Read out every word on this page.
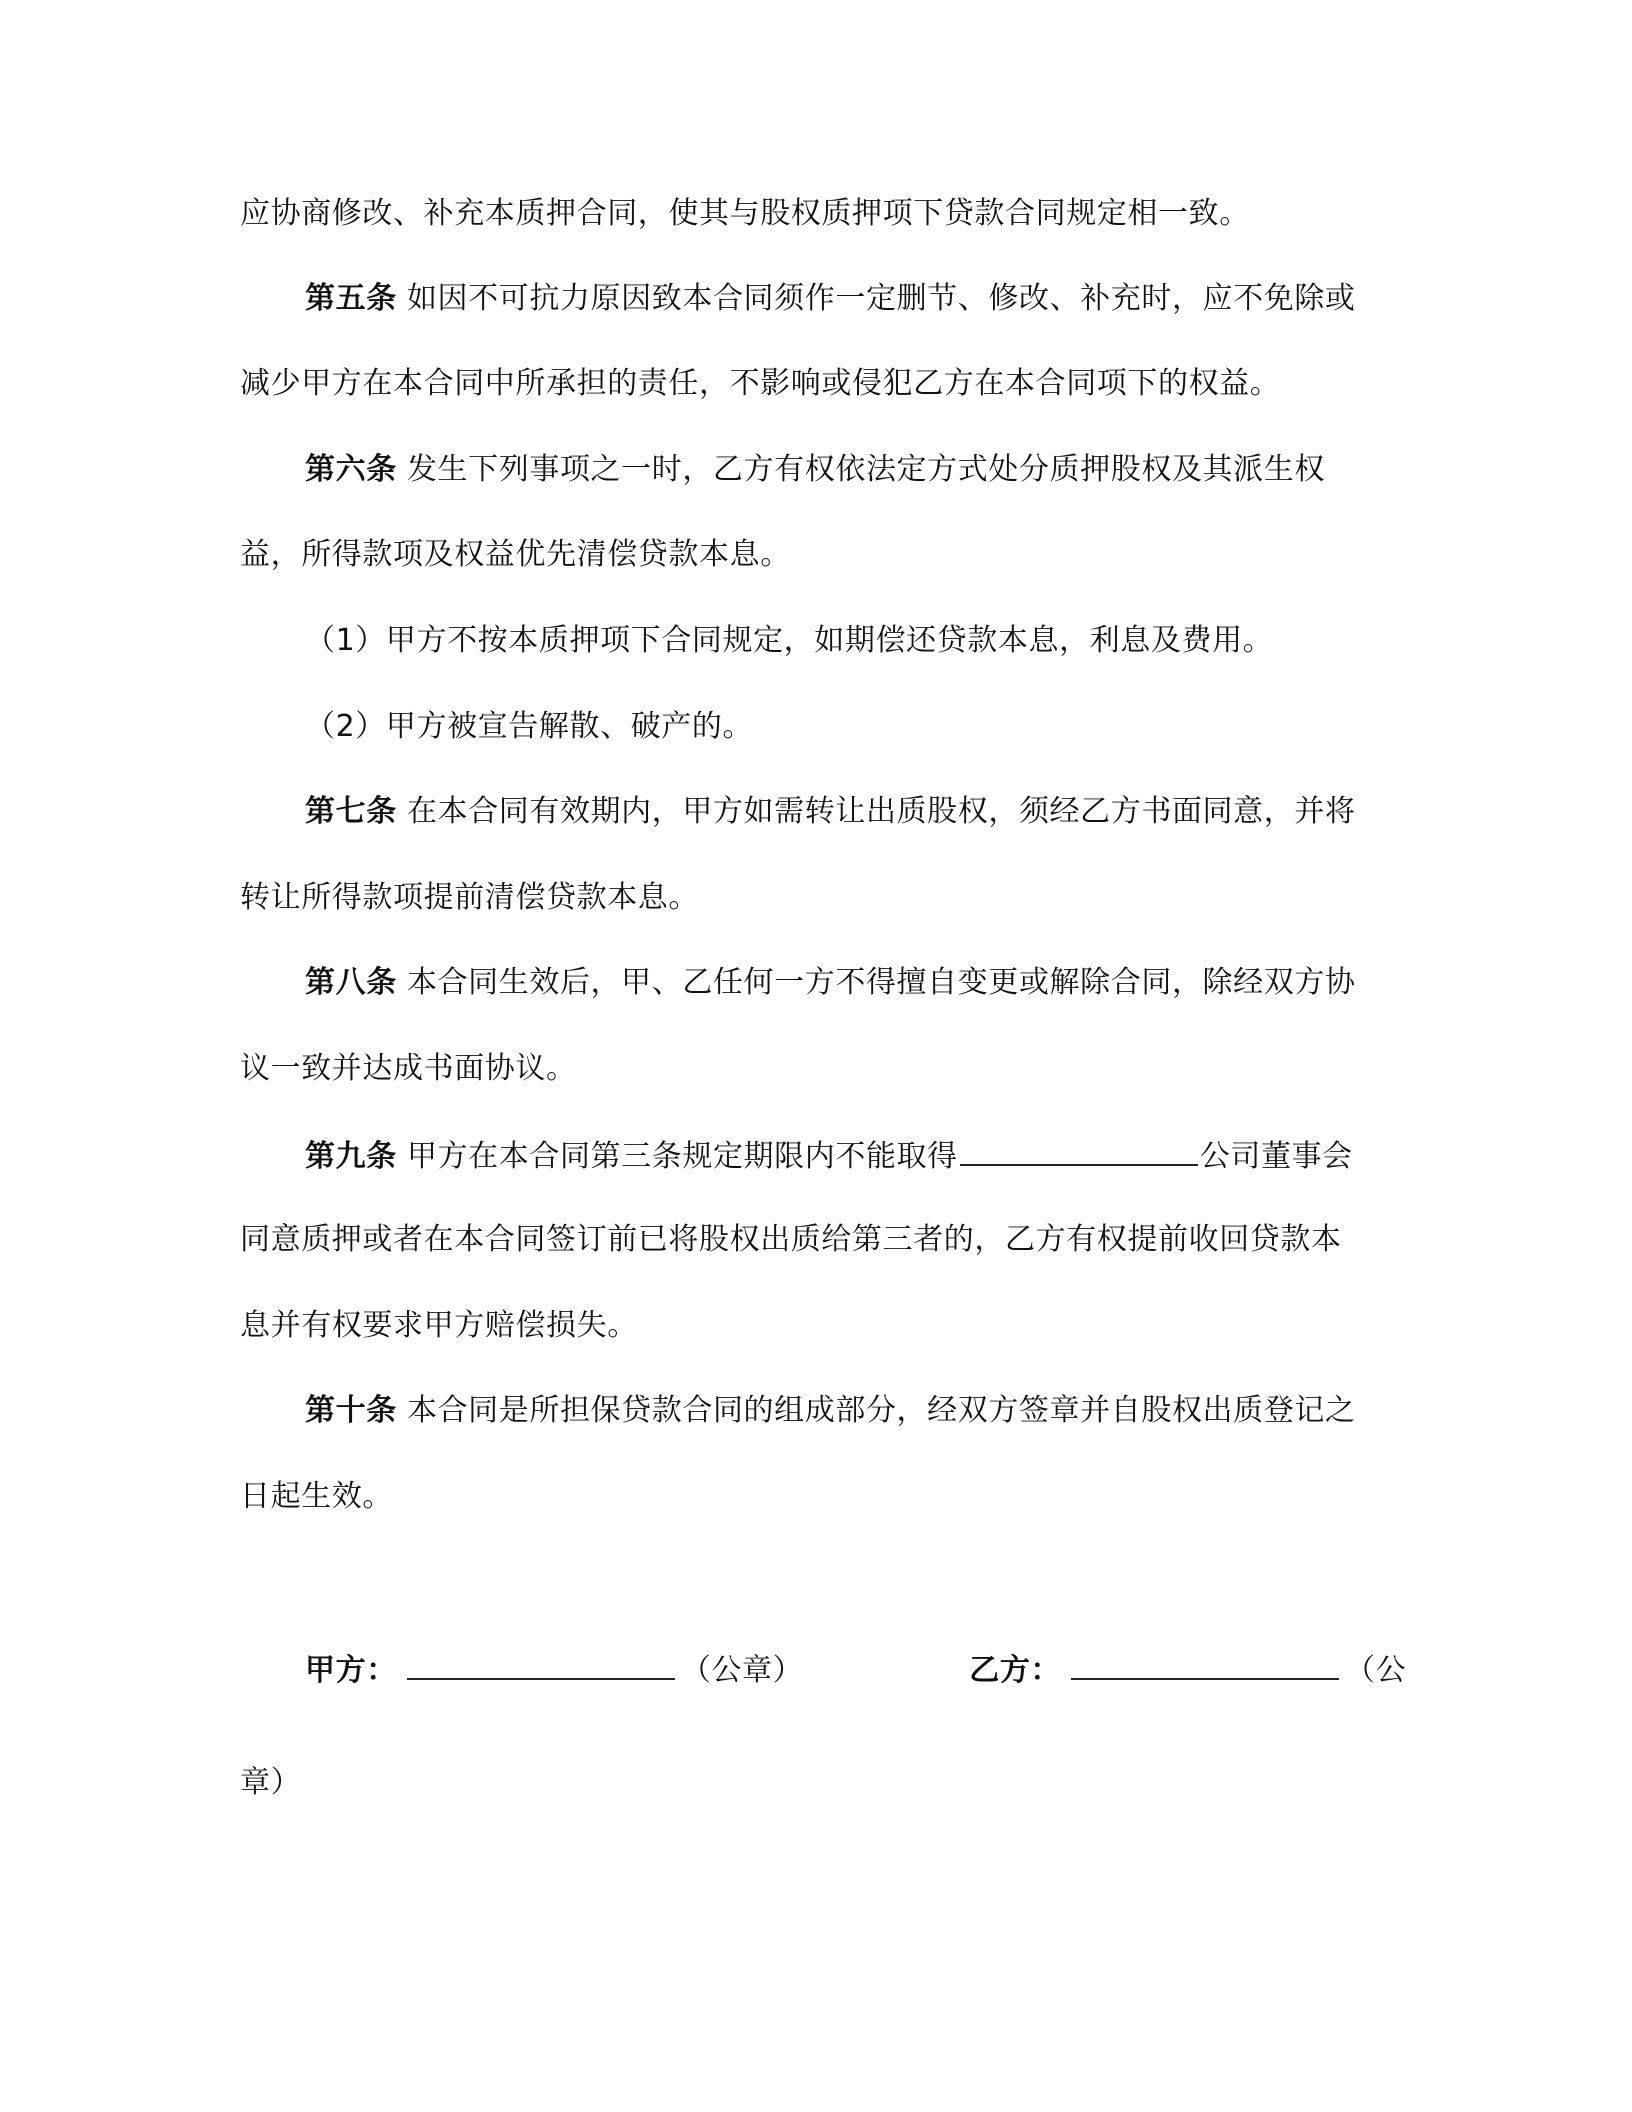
应协商修改、补充本质押合同，使其与股权质押项下贷款合同规定相一致。
第五条 如因不可抗力原因致本合同须作一定删节、修改、补充时，应不免除或
减少甲方在本合同中所承担的责任，不影响或侵犯乙方在本合同项下的权益。
第六条 发生下列事项之一时，乙方有权依法定方式处分质押股权及其派生权
益，所得款项及权益优先清偿贷款本息。
（1）甲方不按本质押项下合同规定，如期偿还贷款本息，利息及费用。
（2）甲方被宣告解散、破产的。
第七条 在本合同有效期内，甲方如需转让出质股权，须经乙方书面同意，并将
转让所得款项提前清偿贷款本息。
第八条 本合同生效后，甲、乙任何一方不得擅自变更或解除合同，除经双方协
议一致并达成书面协议。
第九条 甲方在本合同第三条规定期限内不能取得	公司董事会
同意质押或者在本合同签订前已将股权出质给第三者的，乙方有权提前收回贷款本
息并有权要求甲方赔偿损失。
第十条 本合同是所担保贷款合同的组成部分，经双方签章并自股权出质登记之
日起生效。
甲方：	（公章）	乙方：	（公
章）
